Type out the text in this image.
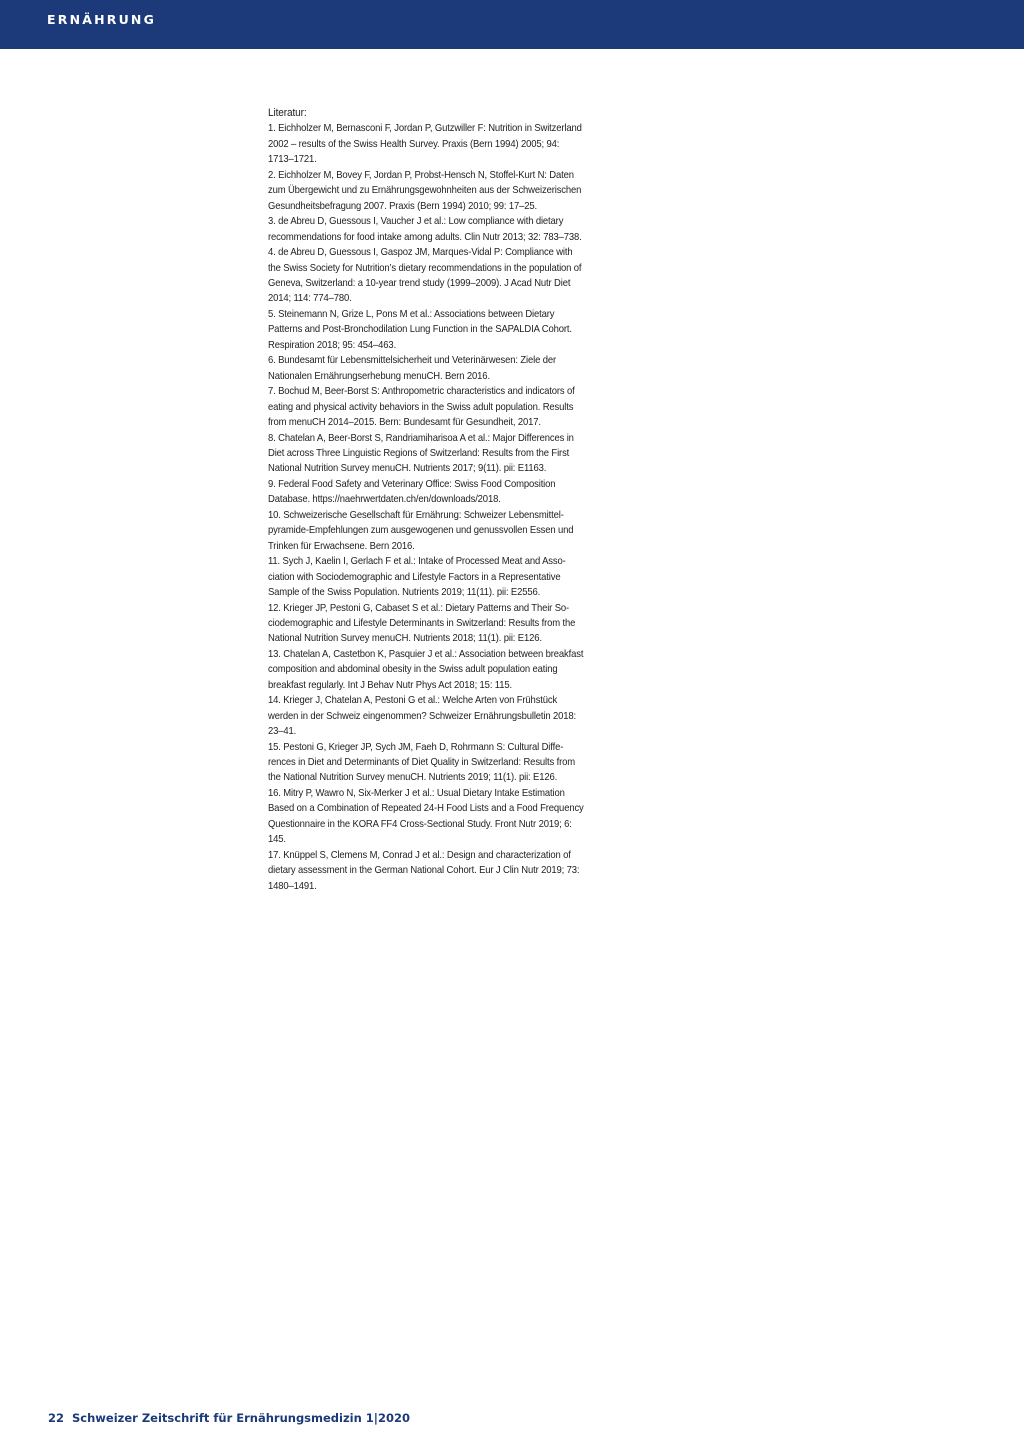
ERNÄHRUNG
Literatur:
1. Eichholzer M, Bernasconi F, Jordan P, Gutzwiller F: Nutrition in Switzerland 2002 – results of the Swiss Health Survey. Praxis (Bern 1994) 2005; 94: 1713–1721.
2. Eichholzer M, Bovey F, Jordan P, Probst-Hensch N, Stoffel-Kurt N: Daten zum Übergewicht und zu Ernährungsgewohnheiten aus der Schweizerischen Gesundheitsbefragung 2007. Praxis (Bern 1994) 2010; 99: 17–25.
3. de Abreu D, Guessous I, Vaucher J et al.: Low compliance with dietary recommendations for food intake among adults. Clin Nutr 2013; 32: 783–738.
4. de Abreu D, Guessous I, Gaspoz JM, Marques-Vidal P: Compliance with the Swiss Society for Nutrition’s dietary recommendations in the population of Geneva, Switzerland: a 10-year trend study (1999–2009). J Acad Nutr Diet 2014; 114: 774–780.
5. Steinemann N, Grize L, Pons M et al.: Associations between Dietary Patterns and Post-Bronchodilation Lung Function in the SAPALDIA Cohort. Respiration 2018; 95: 454–463.
6. Bundesamt für Lebensmittelsicherheit und Veterinärwesen: Ziele der Nationalen Ernährungserhebung menuCH. Bern 2016.
7. Bochud M, Beer-Borst S: Anthropometric characteristics and indicators of eating and physical activity behaviors in the Swiss adult population. Results from menuCH 2014–2015. Bern: Bundesamt für Gesundheit, 2017.
8. Chatelan A, Beer-Borst S, Randriamiharisoa A et al.: Major Differences in Diet across Three Linguistic Regions of Switzerland: Results from the First National Nutrition Survey menuCH. Nutrients 2017; 9(11). pii: E1163.
9. Federal Food Safety and Veterinary Office: Swiss Food Composition Database. https://naehrwertdaten.ch/en/downloads/2018.
10. Schweizerische Gesellschaft für Ernährung: Schweizer Lebensmittelpyramide-Empfehlungen zum ausgewogenen und genussvollen Essen und Trinken für Erwachsene. Bern 2016.
11. Sych J, Kaelin I, Gerlach F et al.: Intake of Processed Meat and Association with Sociodemographic and Lifestyle Factors in a Representative Sample of the Swiss Population. Nutrients 2019; 11(11). pii: E2556.
12. Krieger JP, Pestoni G, Cabaset S et al.: Dietary Patterns and Their Sociodemographic and Lifestyle Determinants in Switzerland: Results from the National Nutrition Survey menuCH. Nutrients 2018; 11(1). pii: E126.
13. Chatelan A, Castetbon K, Pasquier J et al.: Association between breakfast composition and abdominal obesity in the Swiss adult population eating breakfast regularly. Int J Behav Nutr Phys Act 2018; 15: 115.
14. Krieger J, Chatelan A, Pestoni G et al.: Welche Arten von Frühstück werden in der Schweiz eingenommen? Schweizer Ernährungsbulletin 2018: 23–41.
15. Pestoni G, Krieger JP, Sych JM, Faeh D, Rohrmann S: Cultural Differences in Diet and Determinants of Diet Quality in Switzerland: Results from the National Nutrition Survey menuCH. Nutrients 2019; 11(1). pii: E126.
16. Mitry P, Wawro N, Six-Merker J et al.: Usual Dietary Intake Estimation Based on a Combination of Repeated 24-H Food Lists and a Food Frequency Questionnaire in the KORA FF4 Cross-Sectional Study. Front Nutr 2019; 6: 145.
17. Knüppel S, Clemens M, Conrad J et al.: Design and characterization of dietary assessment in the German National Cohort. Eur J Clin Nutr 2019; 73: 1480–1491.
22 Schweizer Zeitschrift für Ernährungsmedizin 1|2020
